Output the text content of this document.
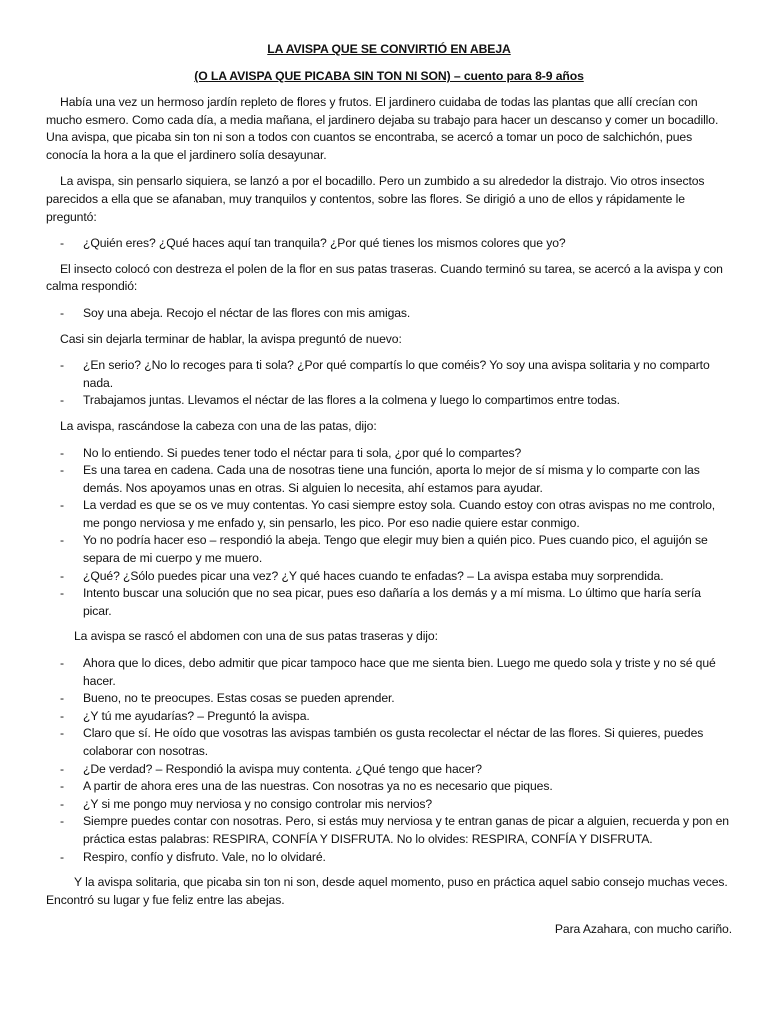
LA AVISPA QUE SE CONVIRTIÓ EN ABEJA

(O LA AVISPA QUE PICABA SIN TON NI SON) – cuento para 8-9 años

Había una vez un hermoso jardín repleto de flores y frutos. El jardinero cuidaba de todas las plantas que allí crecían con mucho esmero. Como cada día, a media mañana, el jardinero dejaba su trabajo para hacer un descanso y comer un bocadillo. Una avispa, que picaba sin ton ni son a todos con cuantos se encontraba, se acercó a tomar un poco de salchichón, pues conocía la hora a la que el jardinero solía desayunar.

La avispa, sin pensarlo siquiera, se lanzó a por el bocadillo. Pero un zumbido a su alrededor la distrajo. Vio otros insectos parecidos a ella que se afanaban, muy tranquilos y contentos, sobre las flores. Se dirigió a uno de ellos y rápidamente le preguntó:

- ¿Quién eres? ¿Qué haces aquí tan tranquila? ¿Por qué tienes los mismos colores que yo?

El insecto colocó con destreza el polen de la flor en sus patas traseras. Cuando terminó su tarea, se acercó a la avispa y con calma respondió:

- Soy una abeja. Recojo el néctar de las flores con mis amigas.

Casi sin dejarla terminar de hablar, la avispa preguntó de nuevo:

- ¿En serio? ¿No lo recoges para ti sola? ¿Por qué compartís lo que coméis? Yo soy una avispa solitaria y no comparto nada.
- Trabajamos juntas. Llevamos el néctar de las flores a la colmena y luego lo compartimos entre todas.

La avispa, rascándose la cabeza con una de las patas, dijo:

- No lo entiendo. Si puedes tener todo el néctar para ti sola, ¿por qué lo compartes?
- Es una tarea en cadena. Cada una de nosotras tiene una función, aporta lo mejor de sí misma y lo comparte con las demás. Nos apoyamos unas en otras. Si alguien lo necesita, ahí estamos para ayudar.
- La verdad es que se os ve muy contentas. Yo casi siempre estoy sola. Cuando estoy con otras avispas no me controlo, me pongo nerviosa y me enfado y, sin pensarlo, les pico. Por eso nadie quiere estar conmigo.
- Yo no podría hacer eso – respondió la abeja. Tengo que elegir muy bien a quién pico. Pues cuando pico, el aguijón se separa de mi cuerpo y me muero.
- ¿Qué? ¿Sólo puedes picar una vez? ¿Y qué haces cuando te enfadas? – La avispa estaba muy sorprendida.
- Intento buscar una solución que no sea picar, pues eso dañaría a los demás y a mí misma. Lo último que haría sería picar.

La avispa se rascó el abdomen con una de sus patas traseras y dijo:

- Ahora que lo dices, debo admitir que picar tampoco hace que me sienta bien. Luego me quedo sola y triste y no sé qué hacer.
- Bueno, no te preocupes. Estas cosas se pueden aprender.
- ¿Y tú me ayudarías? – Preguntó la avispa.
- Claro que sí. He oído que vosotras las avispas también os gusta recolectar el néctar de las flores. Si quieres, puedes colaborar con nosotras.
- ¿De verdad? – Respondió la avispa muy contenta. ¿Qué tengo que hacer?
- A partir de ahora eres una de las nuestras. Con nosotras ya no es necesario que piques.
- ¿Y si me pongo muy nerviosa y no consigo controlar mis nervios?
- Siempre puedes contar con nosotras. Pero, si estás muy nerviosa y te entran ganas de picar a alguien, recuerda y pon en práctica estas palabras: RESPIRA, CONFÍA Y DISFRUTA. No lo olvides: RESPIRA, CONFÍA Y DISFRUTA.
- Respiro, confío y disfruto. Vale, no lo olvidaré.

Y la avispa solitaria, que picaba sin ton ni son, desde aquel momento, puso en práctica aquel sabio consejo muchas veces. Encontró su lugar y fue feliz entre las abejas.

Para Azahara, con mucho cariño.
